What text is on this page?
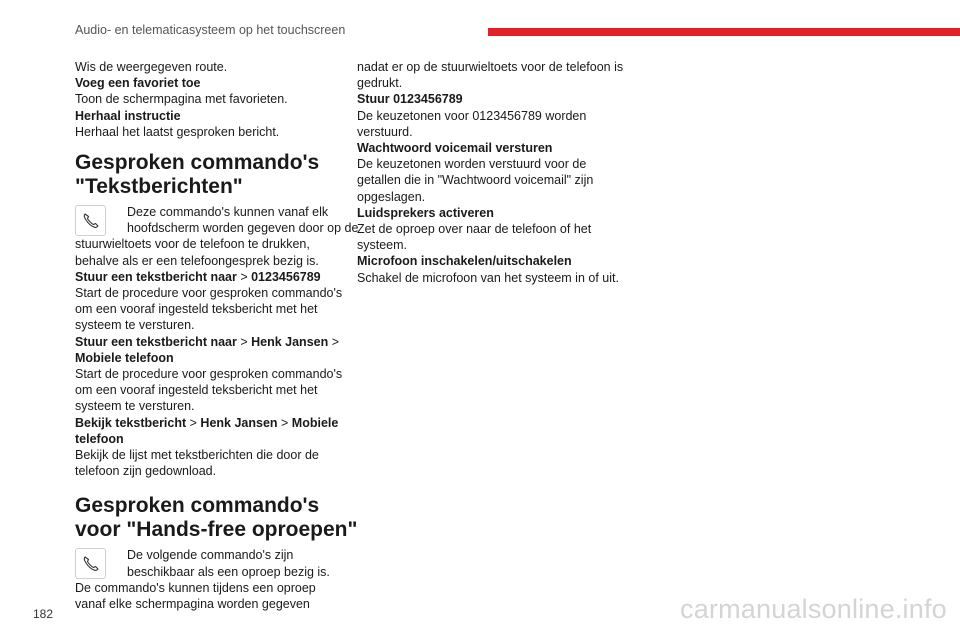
Audio- en telematicasysteem op het touchscreen
Wis de weergegeven route.
Voeg een favoriet toe
Toon de schermpagina met favorieten.
Herhaal instructie
Herhaal het laatst gesproken bericht.
Gesproken commando's
"Tekstberichten"
Deze commando's kunnen vanaf elk
hoofdscherm worden gegeven door op de
stuurwieltoets voor de telefoon te drukken,
behalve als er een telefoongesprek bezig is.
Stuur een tekstbericht naar > 0123456789
Start de procedure voor gesproken commando's
om een vooraf ingesteld teksbericht met het
systeem te versturen.
Stuur een tekstbericht naar > Henk Jansen >
Mobiele telefoon
Start de procedure voor gesproken commando's
om een vooraf ingesteld teksbericht met het
systeem te versturen.
Bekijk tekstbericht > Henk Jansen > Mobiele
telefoon
Bekijk de lijst met tekstberichten die door de
telefoon zijn gedownload.
Gesproken commando's
voor "Hands-free oproepen"
De volgende commando's zijn
beschikbaar als een oproep bezig is.
De commando's kunnen tijdens een oproep
vanaf elke schermpagina worden gegeven
nadat er op de stuurwieltoets voor de telefoon is
gedrukt.
Stuur 0123456789
De keuzetonen voor 0123456789 worden
verstuurd.
Wachtwoord voicemail versturen
De keuzetonen worden verstuurd voor de
getallen die in "Wachtwoord voicemail" zijn
opgeslagen.
Luidsprekers activeren
Zet de oproep over naar de telefoon of het
systeem.
Microfoon inschakelen/uitschakelen
Schakel de microfoon van het systeem in of uit.
182	carmanualsonline.info
